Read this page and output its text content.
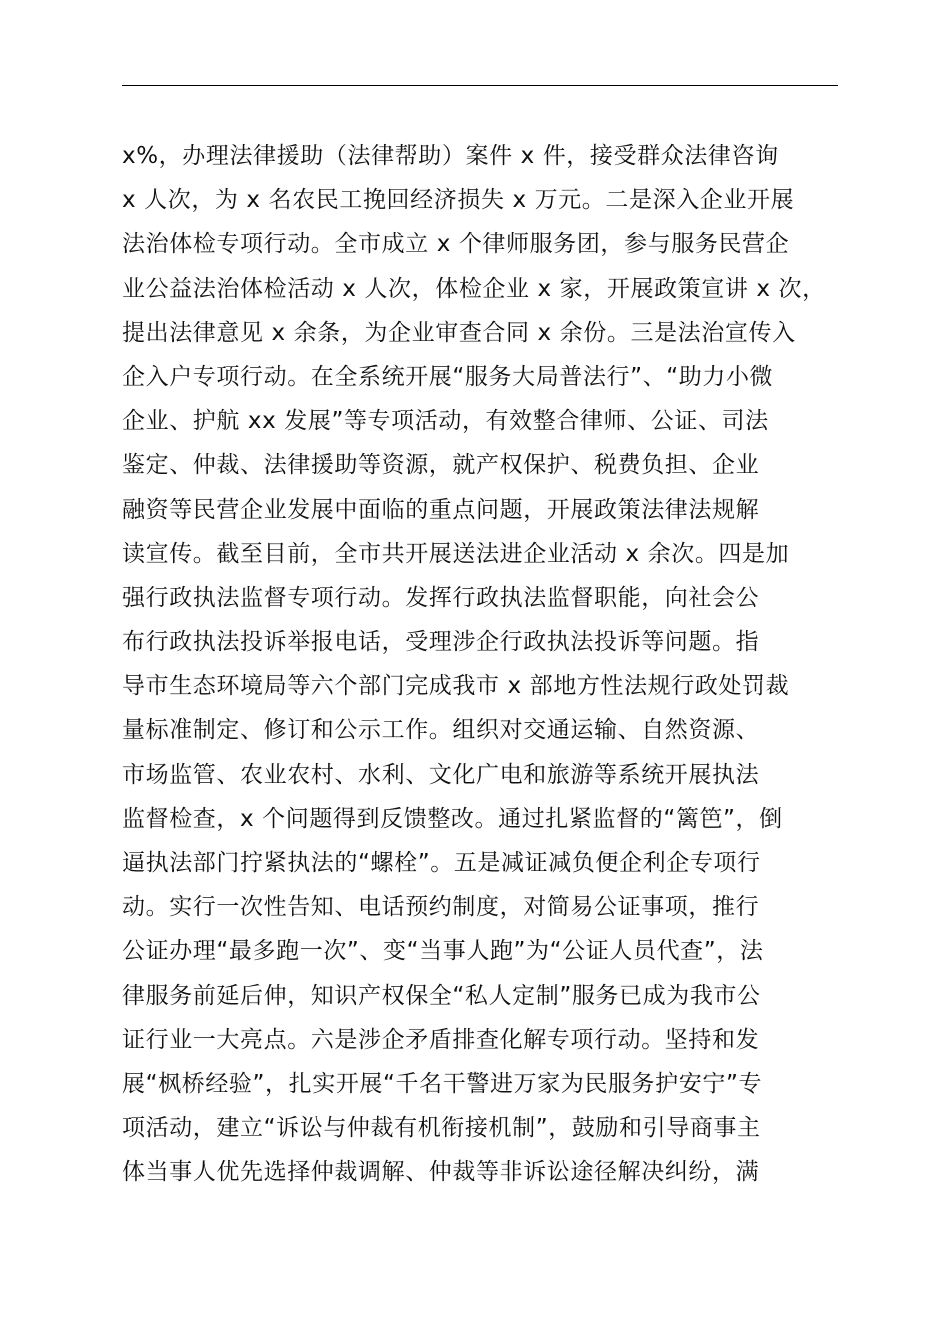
x%，办理法律援助（法律帮助）案件 x 件，接受群众法律咨询
x 人次，为 x 名农民工挽回经济损失 x 万元。二是深入企业开展
法治体检专项行动。全市成立 x 个律师服务团，参与服务民营企
业公益法治体检活动 x 人次，体检企业 x 家，开展政策宣讲 x 次，
提出法律意见 x 余条，为企业审查合同 x 余份。三是法治宣传入
企入户专项行动。在全系统开展“服务大局普法行”、“助力小微
企业、护航 xx 发展”等专项活动，有效整合律师、公证、司法
鉴定、仲裁、法律援助等资源，就产权保护、税费负担、企业
融资等民营企业发展中面临的重点问题，开展政策法律法规解
读宣传。截至目前，全市共开展送法进企业活动 x 余次。四是加
强行政执法监督专项行动。发挥行政执法监督职能，向社会公
布行政执法投诉举报电话，受理涉企行政执法投诉等问题。指
导市生态环境局等六个部门完成我市 x 部地方性法规行政处罚裁
量标准制定、修订和公示工作。组织对交通运输、自然资源、
市场监管、农业农村、水利、文化广电和旅游等系统开展执法
监督检查，x 个问题得到反馈整改。通过扎紧监督的“篱笆”，倒
逼执法部门拧紧执法的“螺栓”。五是减证减负便企利企专项行
动。实行一次性告知、电话预约制度，对简易公证事项，推行
公证办理“最多跑一次”、变“当事人跑”为“公证人员代查”，法
律服务前延后伸，知识产权保全“私人定制”服务已成为我市公
证行业一大亮点。六是涉企矛盾排查化解专项行动。坚持和发
展“枫桥经验”，扎实开展“千名干警进万家为民服务护安宁”专
项活动，建立“诉讼与仲裁有机衔接机制”，鼓励和引导商事主
体当事人优先选择仲裁调解、仲裁等非诉讼途径解决纠纷，满
